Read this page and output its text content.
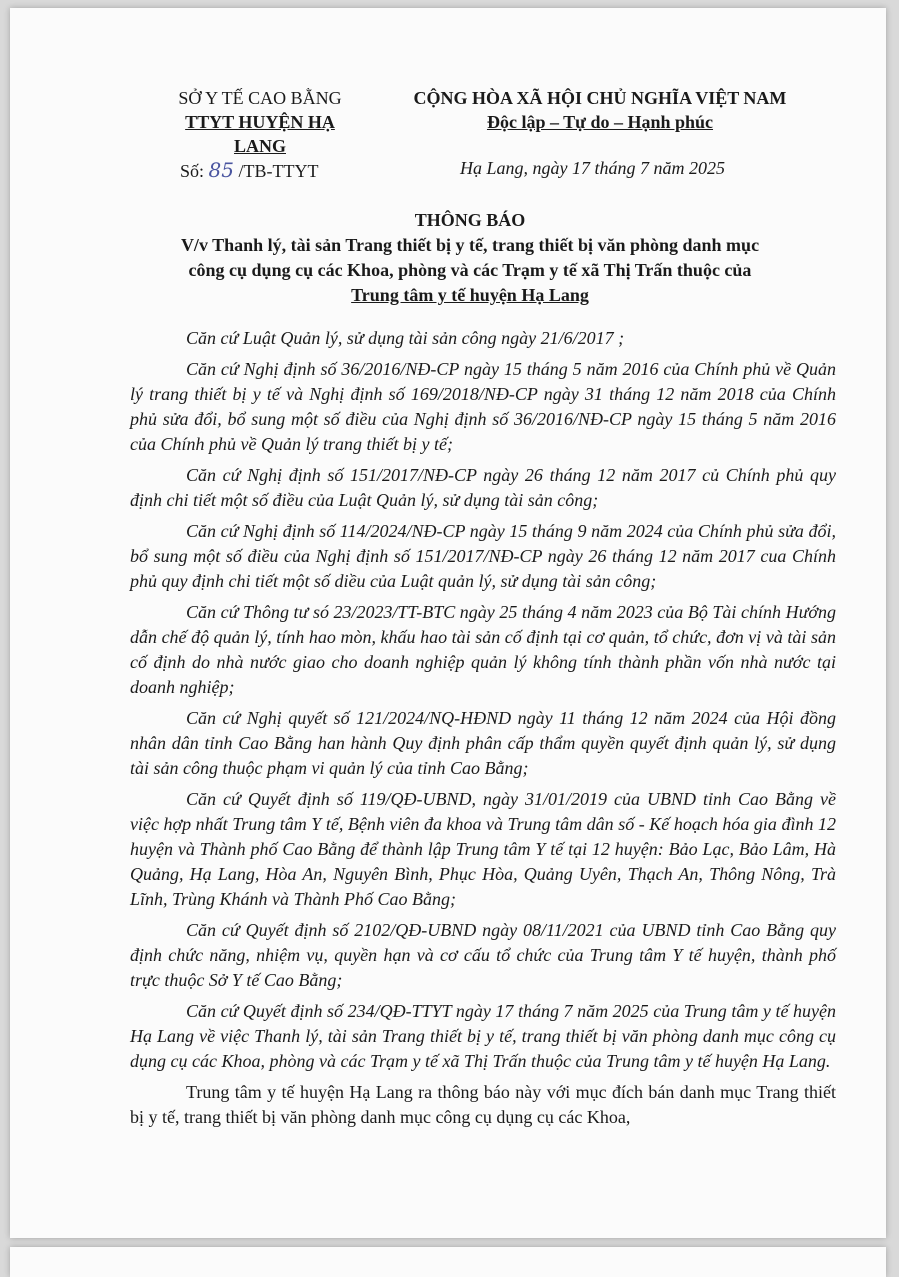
SỞ Y TẾ CAO BẰNG
TTYT HUYỆN HẠ LANG
CỘNG HÒA XÃ HỘI CHỦ NGHĨA VIỆT NAM
Độc lập – Tự do – Hạnh phúc
Số: 85 /TB-TTYT	Hạ Lang, ngày 17 tháng 7 năm 2025
THÔNG BÁO
V/v Thanh lý, tài sản Trang thiết bị y tế, trang thiết bị văn phòng danh mục
công cụ dụng cụ các Khoa, phòng và các Trạm y tế xã Thị Trấn thuộc của
Trung tâm y tế huyện Hạ Lang

Căn cứ Luật Quản lý, sử dụng tài sản công ngày 21/6/2017 ;

Căn cứ Nghị định số 36/2016/NĐ-CP ngày 15 tháng 5 năm 2016 của Chính phủ về Quản lý trang thiết bị y tế và Nghị định số 169/2018/NĐ-CP ngày 31 tháng 12 năm 2018 của Chính phủ sửa đổi, bổ sung một số điều của Nghị định số 36/2016/NĐ-CP ngày 15 tháng 5 năm 2016 của Chính phủ về Quản lý trang thiết bị y tế;

Căn cứ Nghị định số 151/2017/NĐ-CP ngày 26 tháng 12 năm 2017 củ Chính phủ quy định chi tiết một số điều của Luật Quản lý, sử dụng tài sản công;

Căn cứ Nghị định số 114/2024/NĐ-CP ngày 15 tháng 9 năm 2024 của Chính phủ sửa đổi, bổ sung một số điều của Nghị định số 151/2017/NĐ-CP ngày 26 tháng 12 năm 2017 cua Chính phủ quy định chi tiết một số diều của Luật quản lý, sử dụng tài sản công;

Căn cứ Thông tư só 23/2023/TT-BTC ngày 25 tháng 4 năm 2023 của Bộ Tài chính Hướng dẫn chế độ quản lý, tính hao mòn, khấu hao tài sản cố định tại cơ quản, tổ chức, đơn vị và tài sản cố định do nhà nước giao cho doanh nghiệp quản lý không tính thành phần vốn nhà nước tại doanh nghiệp;

Căn cứ Nghị quyết số 121/2024/NQ-HĐND ngày 11 tháng 12 năm 2024 của Hội đồng nhân dân tỉnh Cao Bằng han hành Quy định phân cấp thẩm quyền quyết định quản lý, sử dụng tài sản công thuộc phạm vi quản lý của tỉnh Cao Bằng;

Căn cứ Quyết định số 119/QĐ-UBND, ngày 31/01/2019 của UBND tỉnh Cao Bằng về việc hợp nhất Trung tâm Y tế, Bệnh viên đa khoa và Trung tâm dân số - Kế hoạch hóa gia đình 12 huyện và Thành phố Cao Bằng để thành lập Trung tâm Y tế tại 12 huyện: Bảo Lạc, Bảo Lâm, Hà Quảng, Hạ Lang, Hòa An, Nguyên Bình, Phục Hòa, Quảng Uyên, Thạch An, Thông Nông, Trà Lĩnh, Trùng Khánh và Thành Phố Cao Bằng;

Căn cứ Quyết định số 2102/QĐ-UBND ngày 08/11/2021 của UBND tỉnh Cao Bằng quy định chức năng, nhiệm vụ, quyền hạn và cơ cấu tổ chức của Trung tâm Y tế huyện, thành phố trực thuộc Sở Y tế Cao Bằng;

Căn cứ Quyết định số 234/QĐ-TTYT ngày 17 tháng 7 năm 2025 của Trung tâm y tế huyện Hạ Lang về việc Thanh lý, tài sản Trang thiết bị y tế, trang thiết bị văn phòng danh mục công cụ dụng cụ các Khoa, phòng và các Trạm y tế xã Thị Trấn thuộc của Trung tâm y tế huyện Hạ Lang.

Trung tâm y tế huyện Hạ Lang ra thông báo này với mục đích bán danh mục Trang thiết bị y tế, trang thiết bị văn phòng danh mục công cụ dụng cụ các Khoa,
